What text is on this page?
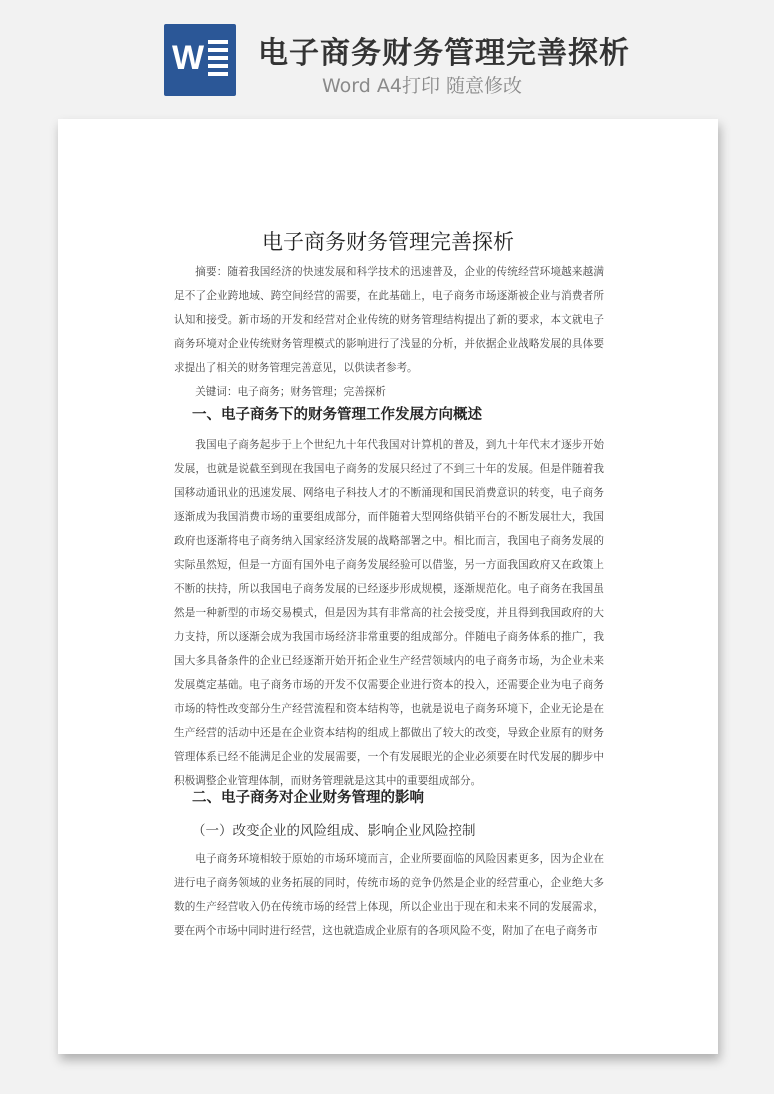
W 电子商务财务管理完善探析
Word A4打印 随意修改
电子商务财务管理完善探析

摘要：随着我国经济的快速发展和科学技术的迅速普及，企业的传统经营环境越来越满足不了企业跨地域、跨空间经营的需要，在此基础上，电子商务市场逐渐被企业与消费者所认知和接受。新市场的开发和经营对企业传统的财务管理结构提出了新的要求，本文就电子商务环境对企业传统财务管理模式的影响进行了浅显的分析，并依据企业战略发展的具体要求提出了相关的财务管理完善意见，以供读者参考。

关键词：电子商务；财务管理；完善探析

一、电子商务下的财务管理工作发展方向概述

我国电子商务起步于上个世纪九十年代我国对计算机的普及，到九十年代末才逐步开始发展，也就是说截至到现在我国电子商务的发展只经过了不到三十年的发展。但是伴随着我国移动通讯业的迅速发展、网络电子科技人才的不断涌现和国民消费意识的转变，电子商务逐渐成为我国消费市场的重要组成部分，而伴随着大型网络供销平台的不断发展壮大，我国政府也逐渐将电子商务纳入国家经济发展的战略部署之中。相比而言，我国电子商务发展的实际虽然短，但是一方面有国外电子商务发展经验可以借鉴，另一方面我国政府又在政策上不断的扶持，所以我国电子商务发展的已经逐步形成规模，逐渐规范化。电子商务在我国虽然是一种新型的市场交易模式，但是因为其有非常高的社会接受度，并且得到我国政府的大力支持，所以逐渐会成为我国市场经济非常重要的组成部分。伴随电子商务体系的推广，我国大多具备条件的企业已经逐渐开始开拓企业生产经营领域内的电子商务市场，为企业未来发展奠定基础。电子商务市场的开发不仅需要企业进行资本的投入，还需要企业为电子商务市场的特性改变部分生产经营流程和资本结构等，也就是说电子商务环境下，企业无论是在生产经营的活动中还是在企业资本结构的组成上都做出了较大的改变，导致企业原有的财务管理体系已经不能满足企业的发展需要，一个有发展眼光的企业必须要在时代发展的脚步中积极调整企业管理体制，而财务管理就是这其中的重要组成部分。

二、电子商务对企业财务管理的影响
（一）改变企业的风险组成、影响企业风险控制

电子商务环境相较于原始的市场环境而言，企业所要面临的风险因素更多，因为企业在进行电子商务领域的业务拓展的同时，传统市场的竞争仍然是企业的经营重心，企业绝大多数的生产经营收入仍在传统市场的经营上体现，所以企业出于现在和未来不同的发展需求，要在两个市场中同时进行经营，这也就造成企业原有的各项风险不变，附加了在电子商务市
